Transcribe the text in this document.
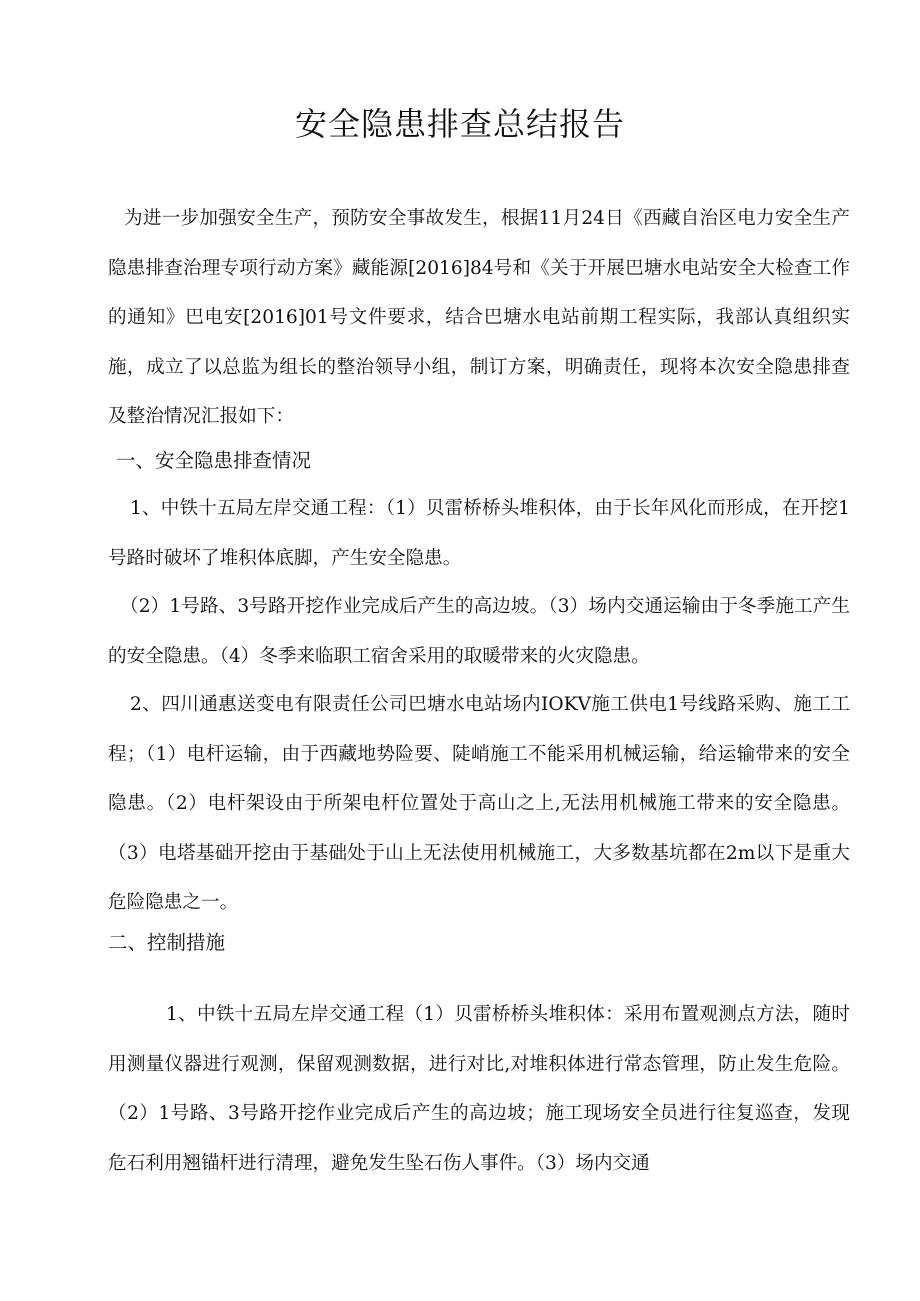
安全隐患排查总结报告

为进一步加强安全生产，预防安全事故发生，根据11月24日《西藏自治区电力安全生产隐患排查治理专项行动方案》藏能源[2016]84号和《关于开展巴塘水电站安全大检查工作的通知》巴电安[2016]01号文件要求，结合巴塘水电站前期工程实际，我部认真组织实施，成立了以总监为组长的整治领导小组，制订方案，明确责任，现将本次安全隐患排查及整治情况汇报如下：

一、安全隐患排查情况

1、中铁十五局左岸交通工程：（1）贝雷桥桥头堆积体，由于长年风化而形成，在开挖1号路时破坏了堆积体底脚，产生安全隐患。

（2）1号路、3号路开挖作业完成后产生的高边坡。（3）场内交通运输由于冬季施工产生的安全隐患。（4）冬季来临职工宿舍采用的取暖带来的火灾隐患。

2、四川通惠送变电有限责任公司巴塘水电站场内IOKV施工供电1号线路采购、施工工程；（1）电杆运输，由于西藏地势险要、陡峭施工不能采用机械运输，给运输带来的安全隐患。（2）电杆架设由于所架电杆位置处于高山之上,无法用机械施工带来的安全隐患。（3）电塔基础开挖由于基础处于山上无法使用机械施工，大多数基坑都在2m以下是重大危险隐患之一。

二、控制措施

1、中铁十五局左岸交通工程（1）贝雷桥桥头堆积体：采用布置观测点方法，随时用测量仪器进行观测，保留观测数据，进行对比,对堆积体进行常态管理，防止发生危险。（2）1号路、3号路开挖作业完成后产生的高边坡；施工现场安全员进行往复巡查，发现危石利用翘锚杆进行清理，避免发生坠石伤人事件。（3）场内交通
